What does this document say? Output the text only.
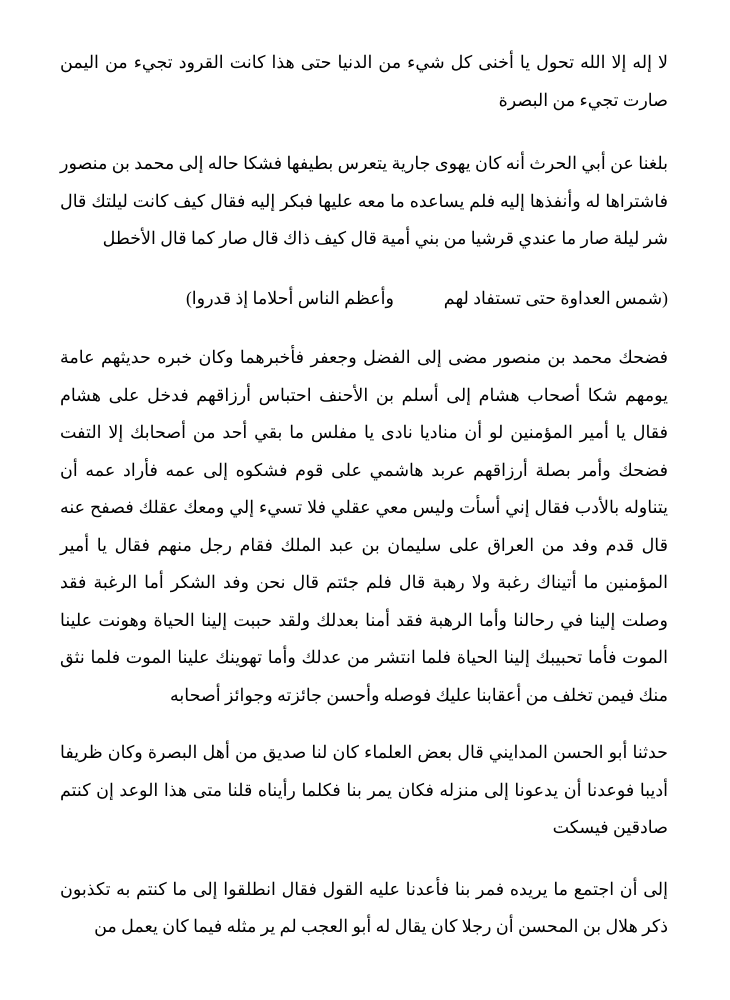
لا إله إلا الله تحول يا أخنى كل شيء من الدنيا حتى هذا كانت القرود تجيء من اليمن صارت تجيء من البصرة

بلغنا عن أبي الحرث أنه كان يهوى جارية يتعرس بطيفها فشكا حاله إلى محمد بن منصور فاشتراها له وأنفذها إليه فلم يساعده ما معه عليها فبكر إليه فقال كيف كانت ليلتك قال شر ليلة صار ما عندي قرشيا من بني أمية قال كيف ذاك قال صار كما قال الأخطل

(شمس العداوة حتى تستفاد لهم
وأعظم الناس أحلاما إذ قدروا)

فضحك محمد بن منصور مضى إلى الفضل وجعفر فأخبرهما وكان خبره حديثهم عامة يومهم شكا أصحاب هشام إلى أسلم بن الأحنف احتباس أرزاقهم فدخل على هشام فقال يا أمير المؤمنين لو أن مناديا نادى يا مفلس ما بقي أحد من أصحابك إلا التفت فضحك وأمر بصلة أرزاقهم عربد هاشمي على قوم فشكوه إلى عمه فأراد عمه أن يتناوله بالأدب فقال إني أسأت وليس معي عقلي فلا تسيء إلي ومعك عقلك فصفح عنه قال قدم وفد من العراق على سليمان بن عبد الملك فقام رجل منهم فقال يا أمير المؤمنين ما أتيناك رغبة ولا رهبة قال فلم جئتم قال نحن وفد الشكر أما الرغبة فقد وصلت إلينا في رحالنا وأما الرهبة فقد أمنا بعدلك ولقد حببت إلينا الحياة وهونت علينا الموت فأما تحبيبك إلينا الحياة فلما انتشر من عدلك وأما تهوينك علينا الموت فلما نثق منك فيمن تخلف من أعقابنا عليك فوصله وأحسن جائزته وجوائز أصحابه

حدثنا أبو الحسن المدايني قال بعض العلماء كان لنا صديق من أهل البصرة وكان ظريفا أديبا فوعدنا أن يدعونا إلى منزله فكان يمر بنا فكلما رأيناه قلنا متى هذا الوعد إن كنتم صادقين فيسكت

إلى أن اجتمع ما يريده فمر بنا فأعدنا عليه القول فقال انطلقوا إلى ما كنتم به تكذبون ذكر هلال بن المحسن أن رجلا كان يقال له أبو العجب لم ير مثله فيما كان يعمل من
